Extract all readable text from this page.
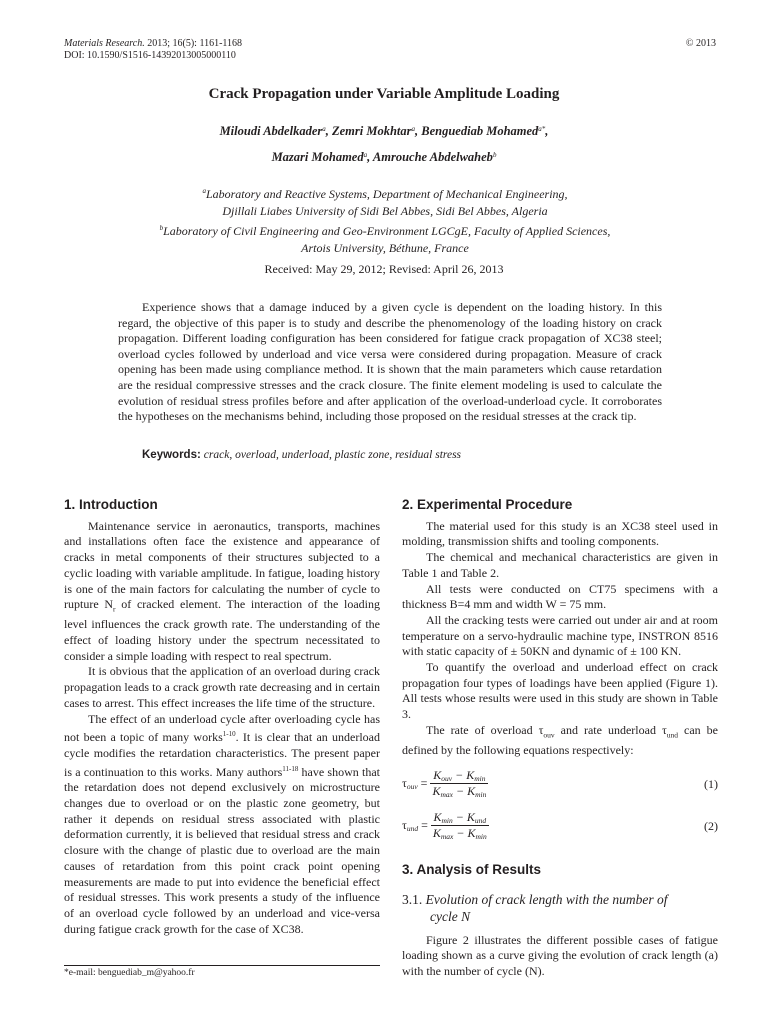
Materials Research. 2013; 16(5): 1161-1168
DOI: 10.1590/S1516-14392013005000110
© 2013
Crack Propagation under Variable Amplitude Loading
Miloudi Abdelkader$^a$, Zemri Mokhtar$^a$, Benguediab Mohamed$^{a*}$,
Mazari Mohamed$^a$, Amrouche Abdelwaheb$^b$
$^a$Laboratory and Reactive Systems, Department of Mechanical Engineering,
Djillali Liabes University of Sidi Bel Abbes, Sidi Bel Abbes, Algeria
$^b$Laboratory of Civil Engineering and Geo-Environment LGCgE, Faculty of Applied Sciences,
Artois University, Béthune, France
Received: May 29, 2012; Revised: April 26, 2013

Experience shows that a damage induced by a given cycle is dependent on the loading history. In this regard, the objective of this paper is to study and describe the phenomenology of the loading history on crack propagation. Different loading configuration has been considered for fatigue crack propagation of XC38 steel; overload cycles followed by underload and vice versa were considered during propagation. Measure of crack opening has been made using compliance method. It is shown that the main parameters which cause retardation are the residual compressive stresses and the crack closure. The finite element modeling is used to calculate the evolution of residual stress profiles before and after application of the overload-underload cycle. It corroborates the hypotheses on the mechanisms behind, including those proposed on the residual stresses at the crack tip.

Keywords: crack, overload, underload, plastic zone, residual stress
1. Introduction

Maintenance service in aeronautics, transports, machines and installations often face the existence and appearance of cracks in metal components of their structures subjected to a cyclic loading with variable amplitude. In fatigue, loading history is one of the main factors for calculating the number of cycle to rupture $N_r$ of cracked element. The interaction of the loading level influences the crack growth rate. The understanding of the effect of loading history under the spectrum necessitated to consider a simple loading with respect to real spectrum.

It is obvious that the application of an overload during crack propagation leads to a crack growth rate decreasing and in certain cases to arrest. This effect increases the life time of the structure.

The effect of an underload cycle after overloading cycle has not been a topic of many works$^{1-10}$. It is clear that an underload cycle modifies the retardation characteristics. The present paper is a continuation to this works. Many authors$^{11-18}$ have shown that the retardation does not depend exclusively on microstructure changes due to overload or on the plastic zone geometry, but rather it depends on residual stress associated with plastic deformation currently, it is believed that residual stress and crack closure with the change of plastic due to overload are the main causes of retardation from this point crack point opening measurements are made to put into evidence the beneficial effect of residual stresses. This work presents a study of the influence of an overload cycle followed by an underload and vice-versa during fatigue crack growth for the case of XC38.

*e-mail: benguediab_m@yahoo.fr
2. Experimental Procedure

The material used for this study is an XC38 steel used in molding, transmission shifts and tooling components.

The chemical and mechanical characteristics are given in Table 1 and Table 2.

All tests were conducted on CT75 specimens with a thickness B=4 mm and width W = 75 mm.

All the cracking tests were carried out under air and at room temperature on a servo-hydraulic machine type, INSTRON 8516 with static capacity of ± 50KN and dynamic of ± 100 KN.

To quantify the overload and underload effect on crack propagation four types of loadings have been applied (Figure 1). All tests whose results were used in this study are shown in Table 3.

The rate of overload $\tau_{ouv}$ and rate underload $\tau_{und}$ can be defined by the following equations respectively:

$\tau ouv = \frac{\text{Kouv − Kmin}}{Kmax - Kmin}$	(1)
$\tau und = \frac{\text{Kmin − Kund}}{Kmax - Kmin}$	(2)
3. Analysis of Results
3.1. Evolution of crack length with the number of
cycle N

Figure 2 illustrates the different possible cases of fatigue loading shown as a curve giving the evolution of crack length (a) with the number of cycle (N).
